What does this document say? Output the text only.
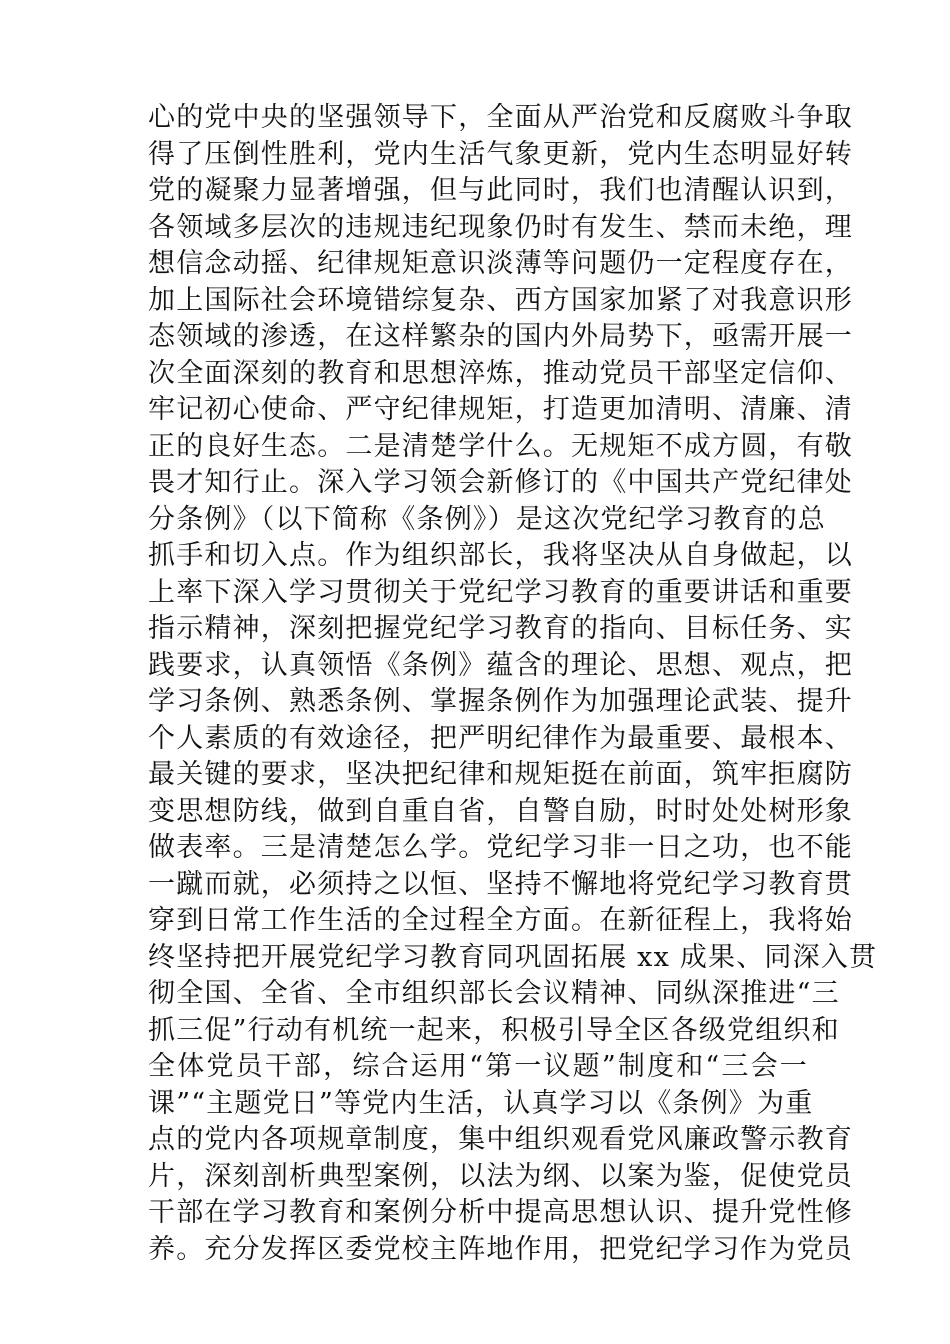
心的党中央的坚强领导下，全面从严治党和反腐败斗争取
得了压倒性胜利，党内生活气象更新，党内生态明显好转
党的凝聚力显著增强，但与此同时，我们也清醒认识到，
各领域多层次的违规违纪现象仍时有发生、禁而未绝，理
想信念动摇、纪律规矩意识淡薄等问题仍一定程度存在，
加上国际社会环境错综复杂、西方国家加紧了对我意识形
态领域的渗透，在这样繁杂的国内外局势下，亟需开展一
次全面深刻的教育和思想淬炼，推动党员干部坚定信仰、
牢记初心使命、严守纪律规矩，打造更加清明、清廉、清
正的良好生态。二是清楚学什么。无规矩不成方圆，有敬
畏才知行止。深入学习领会新修订的《中国共产党纪律处
分条例》（以下简称《条例》）是这次党纪学习教育的总
抓手和切入点。作为组织部长，我将坚决从自身做起，以
上率下深入学习贯彻关于党纪学习教育的重要讲话和重要
指示精神，深刻把握党纪学习教育的指向、目标任务、实
践要求，认真领悟《条例》蕴含的理论、思想、观点，把
学习条例、熟悉条例、掌握条例作为加强理论武装、提升
个人素质的有效途径，把严明纪律作为最重要、最根本、
最关键的要求，坚决把纪律和规矩挺在前面，筑牢拒腐防
变思想防线，做到自重自省，自警自励，时时处处树形象
做表率。三是清楚怎么学。党纪学习非一日之功，也不能
一蹴而就，必须持之以恒、坚持不懈地将党纪学习教育贯
穿到日常工作生活的全过程全方面。在新征程上，我将始
终坚持把开展党纪学习教育同巩固拓展 xx 成果、同深入贯
彻全国、全省、全市组织部长会议精神、同纵深推进“三
抓三促”行动有机统一起来，积极引导全区各级党组织和
全体党员干部，综合运用“第一议题”制度和“三会一
课”“主题党日”等党内生活，认真学习以《条例》为重
点的党内各项规章制度，集中组织观看党风廉政警示教育
片，深刻剖析典型案例，以法为纲、以案为鉴，促使党员
干部在学习教育和案例分析中提高思想认识、提升党性修
养。充分发挥区委党校主阵地作用，把党纪学习作为党员
